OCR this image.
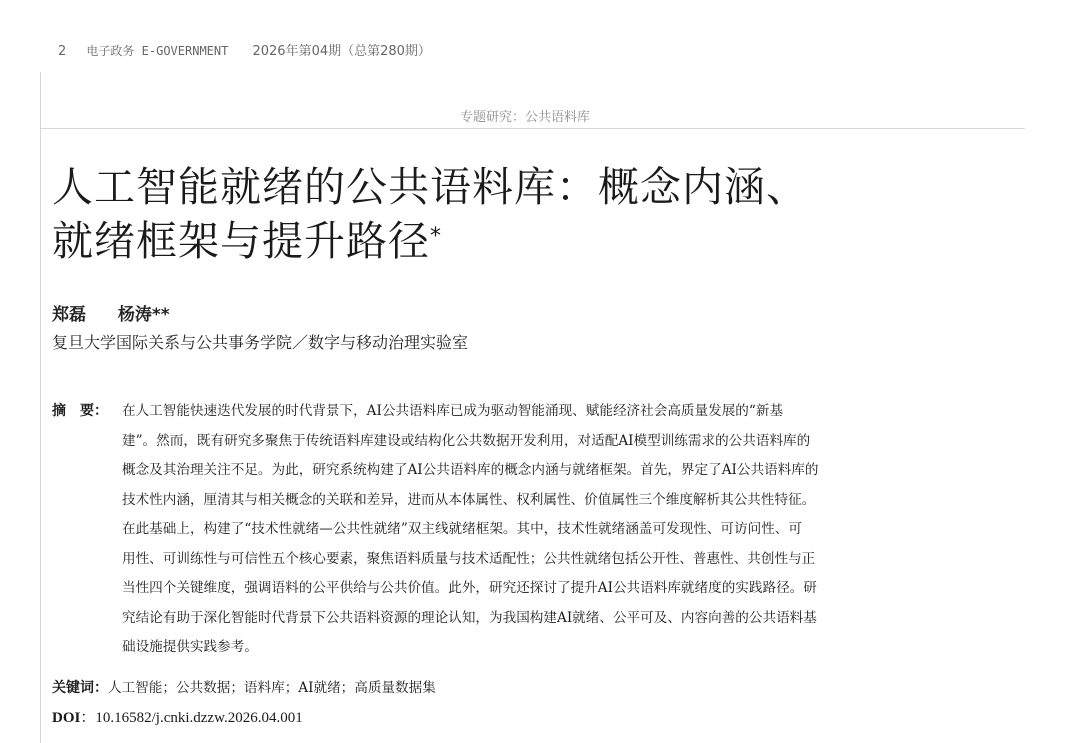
2 电子政务 E-GOVERNMENT 2026年第04期（总第280期）
专题研究：公共语料库
人工智能就绪的公共语料库：概念内涵、
就绪框架与提升路径*
郑磊 杨涛**
复旦大学国际关系与公共事务学院／数字与移动治理实验室
摘　要： 在人工智能快速迭代发展的时代背景下，AI公共语料库已成为驱动智能涌现、赋能经济社会高质量发展的“新基
建”。然而，既有研究多聚焦于传统语料库建设或结构化公共数据开发利用，对适配AI模型训练需求的公共语料库的
概念及其治理关注不足。为此，研究系统构建了AI公共语料库的概念内涵与就绪框架。首先，界定了AI公共语料库的
技术性内涵，厘清其与相关概念的关联和差异，进而从本体属性、权利属性、价值属性三个维度解析其公共性特征。
在此基础上，构建了“技术性就绪—公共性就绪”双主线就绪框架。其中，技术性就绪涵盖可发现性、可访问性、可
用性、可训练性与可信性五个核心要素，聚焦语料质量与技术适配性；公共性就绪包括公开性、普惠性、共创性与正
当性四个关键维度，强调语料的公平供给与公共价值。此外，研究还探讨了提升AI公共语料库就绪度的实践路径。研
究结论有助于深化智能时代背景下公共语料资源的理论认知，为我国构建AI就绪、公平可及、内容向善的公共语料基
础设施提供实践参考。
关键词：人工智能；公共数据；语料库；AI就绪；高质量数据集
DOI：10.16582/j.cnki.dzzw.2026.04.001
